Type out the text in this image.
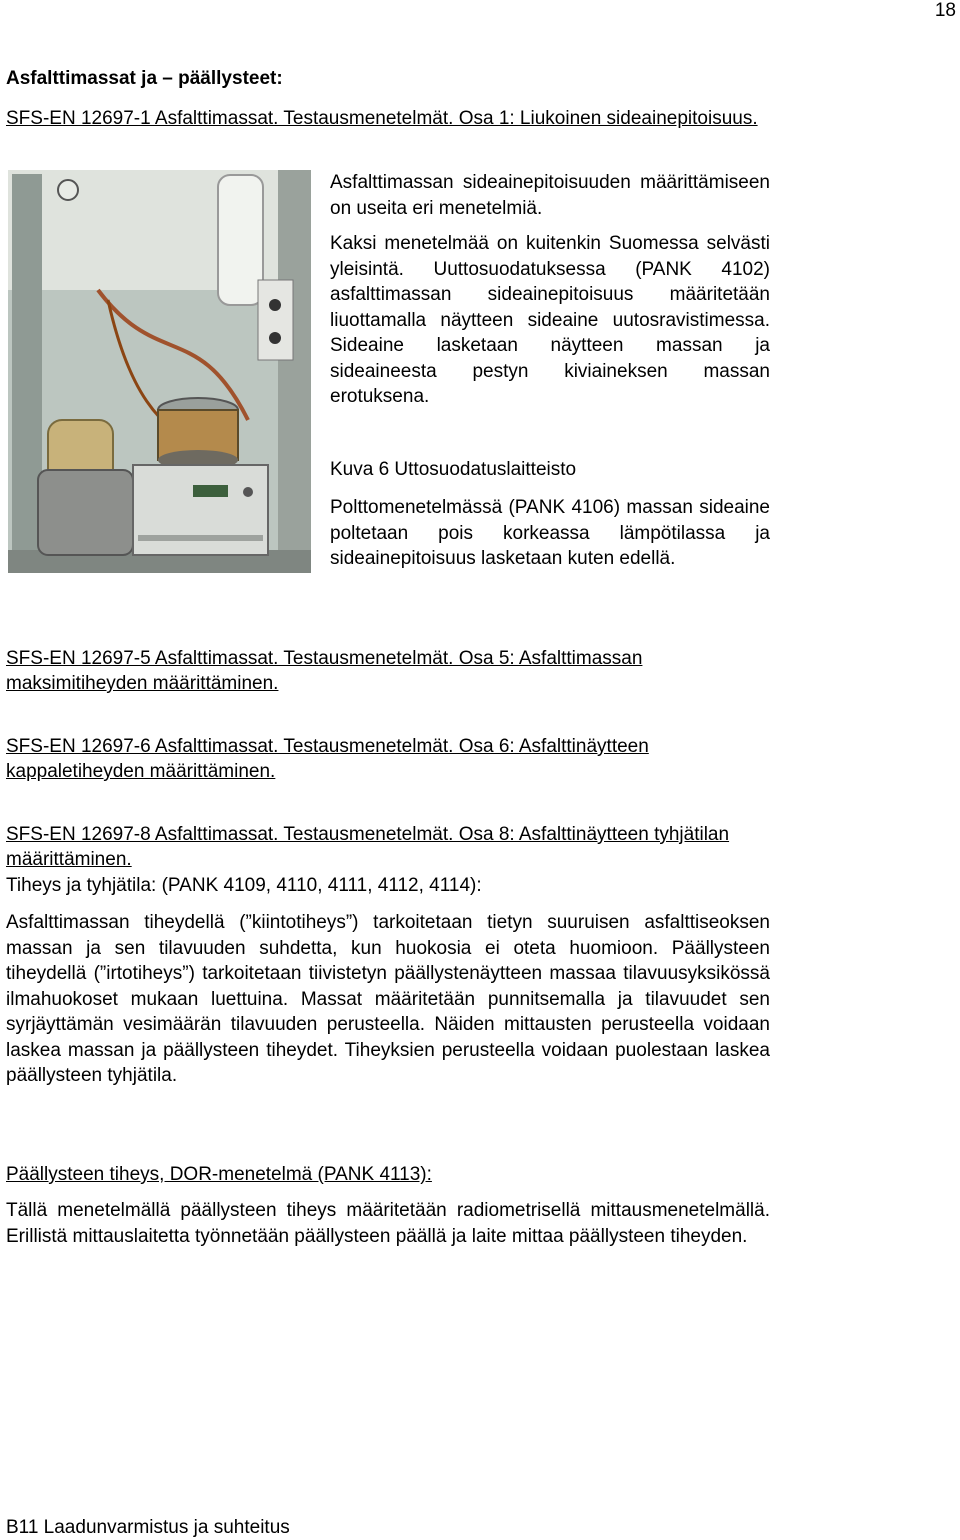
18
Asfalttimassat ja – päällysteet:
SFS-EN 12697-1 Asfalttimassat. Testausmenetelmät. Osa 1: Liukoinen sideainepitoisuus.
Asfalttimassan sideainepitoisuuden määrittämiseen on useita eri menetelmiä.
Kaksi menetelmää on kuitenkin Suomessa selvästi yleisintä. Uuttosuodatuksessa (PANK 4102) asfalttimassan sideainepitoisuus määritetään liuottamalla näytteen sideaine uutosravistimessa. Sideaine lasketaan näytteen massan ja sideaineesta pestyn kiviaineksen massan erotuksena.
Kuva 6 Uttosuodatuslaitteisto
Polttomenetelmässä (PANK 4106) massan sideaine poltetaan pois korkeassa lämpötilassa ja sideainepitoisuus lasketaan kuten edellä.
SFS-EN 12697-5 Asfalttimassat. Testausmenetelmät. Osa 5: Asfalttimassan maksimitiheyden määrittäminen.
SFS-EN 12697-6 Asfalttimassat. Testausmenetelmät. Osa 6: Asfalttinäytteen kappaletiheyden määrittäminen.
SFS-EN 12697-8 Asfalttimassat. Testausmenetelmät. Osa 8: Asfalttinäytteen tyhjätilan määrittäminen.
Tiheys ja tyhjätila: (PANK 4109, 4110, 4111, 4112, 4114):
Asfalttimassan tiheydellä (”kiintotiheys”) tarkoitetaan tietyn suuruisen asfalttiseoksen massan ja sen tilavuuden suhdetta, kun huokosia ei oteta huomioon. Päällysteen tiheydellä (”irtotiheys”) tarkoitetaan tiivistetyn päällystenäytteen massaa tilavuusyksikössä ilmahuokoset mukaan luettuina. Massat määritetään punnitsemalla ja tilavuudet sen syrjäyttämän vesimäärän tilavuuden perusteella. Näiden mittausten perusteella voidaan laskea massan ja päällysteen tiheydet. Tiheyksien perusteella voidaan puolestaan laskea päällysteen tyhjätila.
Päällysteen tiheys, DOR-menetelmä (PANK 4113):
Tällä menetelmällä päällysteen tiheys määritetään radiometrisellä mittausmenetelmällä. Erillistä mittauslaitetta työnnetään päällysteen päällä ja laite mittaa päällysteen tiheyden.
B11 Laadunvarmistus ja suhteitus
